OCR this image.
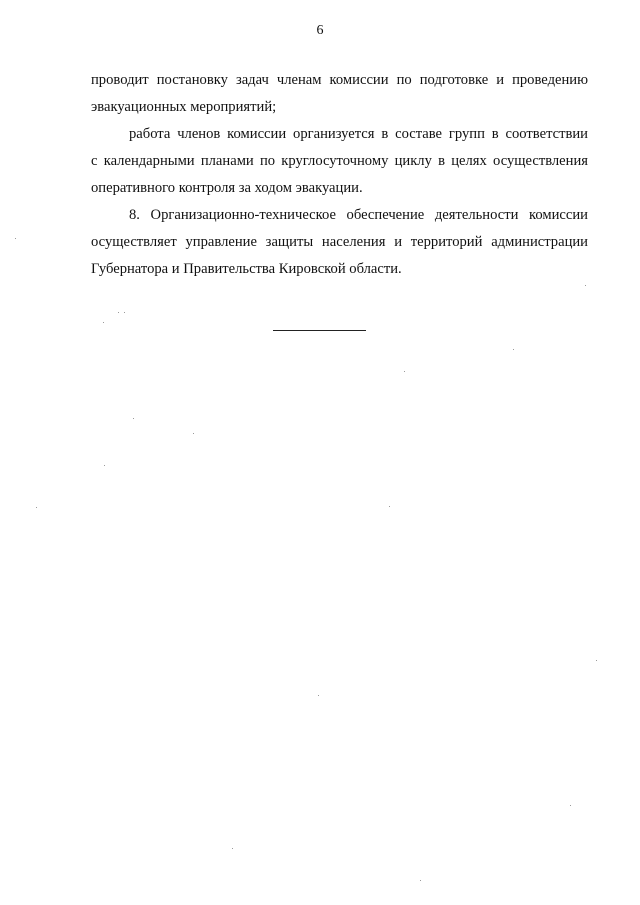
6

проводит постановку задач членам комиссии по подготовке и проведению
эвакуационных мероприятий;

работа членов комиссии организуется в составе групп в соответствии
с календарными планами по круглосуточному циклу в целях осуществления
оперативного контроля за ходом эвакуации.

8. Организационно-техническое обеспечение деятельности комиссии
осуществляет управление защиты населения и территорий администрации
Губернатора и Правительства Кировской области.
